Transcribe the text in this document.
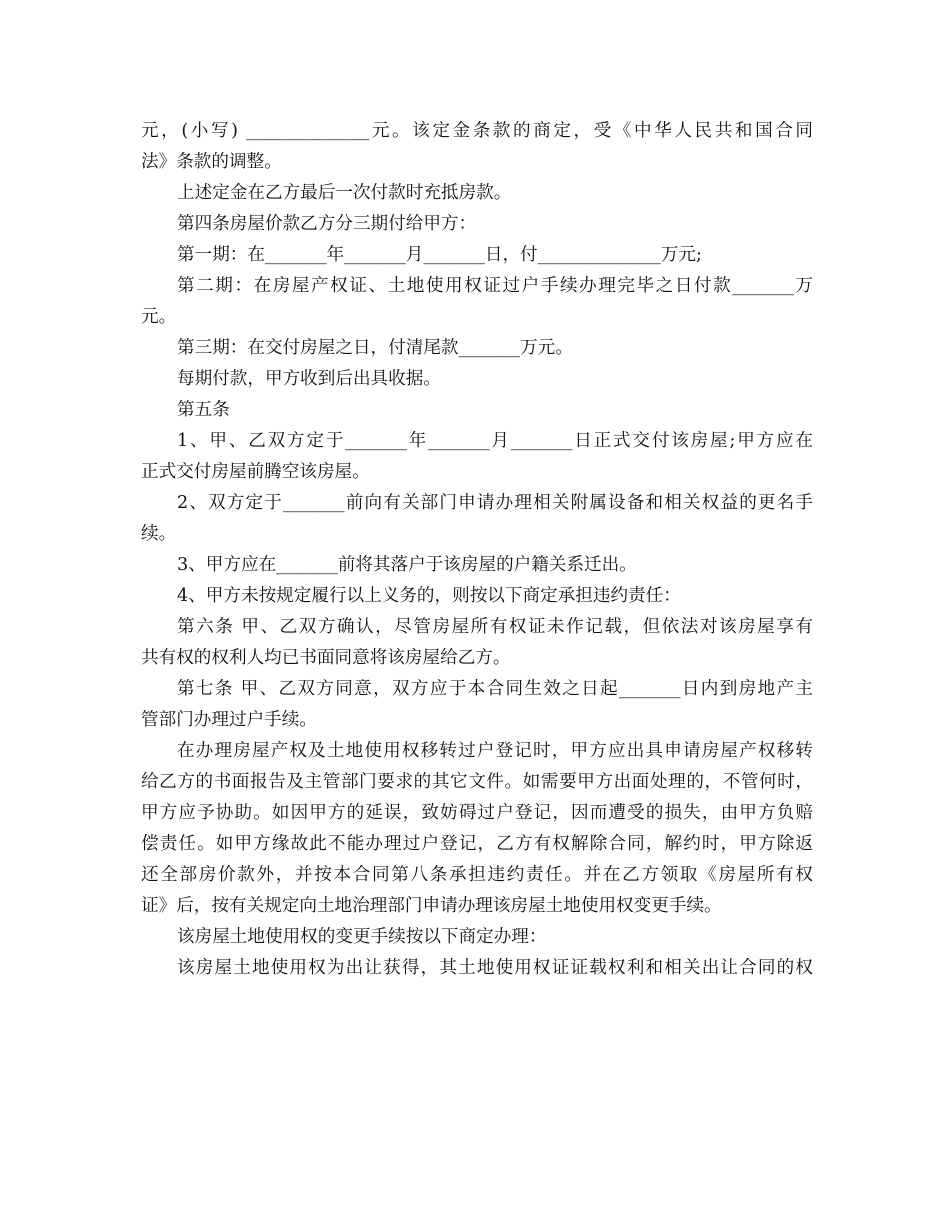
元，(小写) ______________元。该定金条款的商定，受《中华人民共和国合同
法》条款的调整。
上述定金在乙方最后一次付款时充抵房款。
第四条房屋价款乙方分三期付给甲方：
第一期：在_______年_______月_______日，付______________万元;
第二期：在房屋产权证、土地使用权证过户手续办理完毕之日付款_______万
元。
第三期：在交付房屋之日，付清尾款_______万元。
每期付款，甲方收到后出具收据。
第五条
1、甲、乙双方定于_______年_______月_______日正式交付该房屋;甲方应在
正式交付房屋前腾空该房屋。
2、双方定于_______前向有关部门申请办理相关附属设备和相关权益的更名手
续。
3、甲方应在_______前将其落户于该房屋的户籍关系迁出。
4、甲方未按规定履行以上义务的，则按以下商定承担违约责任：
第六条 甲、乙双方确认，尽管房屋所有权证未作记载，但依法对该房屋享有
共有权的权利人均已书面同意将该房屋给乙方。
第七条 甲、乙双方同意，双方应于本合同生效之日起_______日内到房地产主
管部门办理过户手续。
在办理房屋产权及土地使用权移转过户登记时，甲方应出具申请房屋产权移转
给乙方的书面报告及主管部门要求的其它文件。如需要甲方出面处理的，不管何时，
甲方应予协助。如因甲方的延误，致妨碍过户登记，因而遭受的损失，由甲方负赔
偿责任。如甲方缘故此不能办理过户登记，乙方有权解除合同，解约时，甲方除返
还全部房价款外，并按本合同第八条承担违约责任。并在乙方领取《房屋所有权
证》后，按有关规定向土地治理部门申请办理该房屋土地使用权变更手续。
该房屋土地使用权的变更手续按以下商定办理：
该房屋土地使用权为出让获得，其土地使用权证证载权利和相关出让合同的权
